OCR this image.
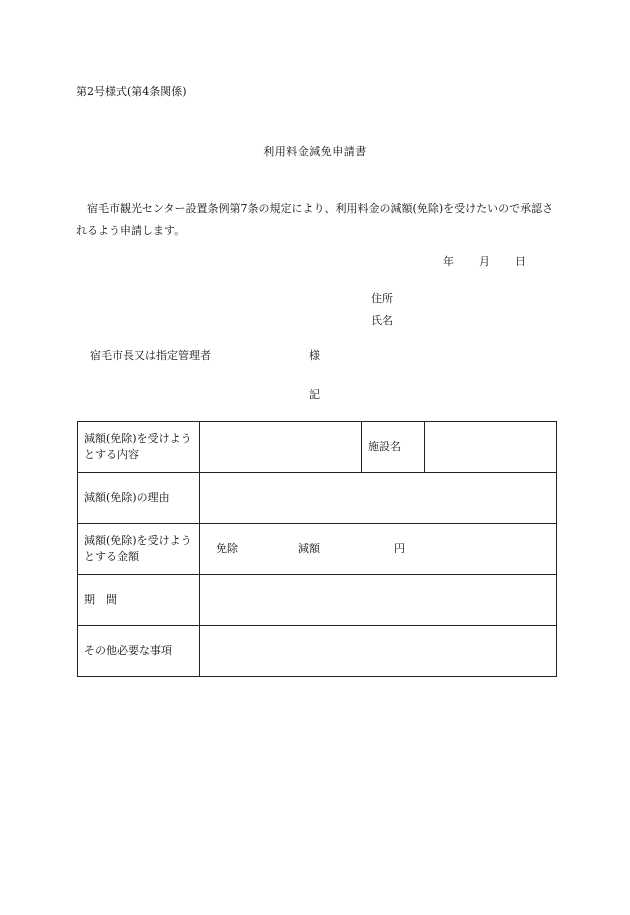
第2号様式(第4条関係)
利用料金減免申請書
宿毛市観光センター設置条例第7条の規定により、利用料金の減額(免除)を受けたいので承認されるよう申請します。
年 月 日
住所
氏名
宿毛市長又は指定管理者	様
記
減額(免除)を受けようとする内容		施設名	
減額(免除)の理由			
減額(免除)を受けようとする金額	免除 減額 円		

期　間			
その他必要な事項			
